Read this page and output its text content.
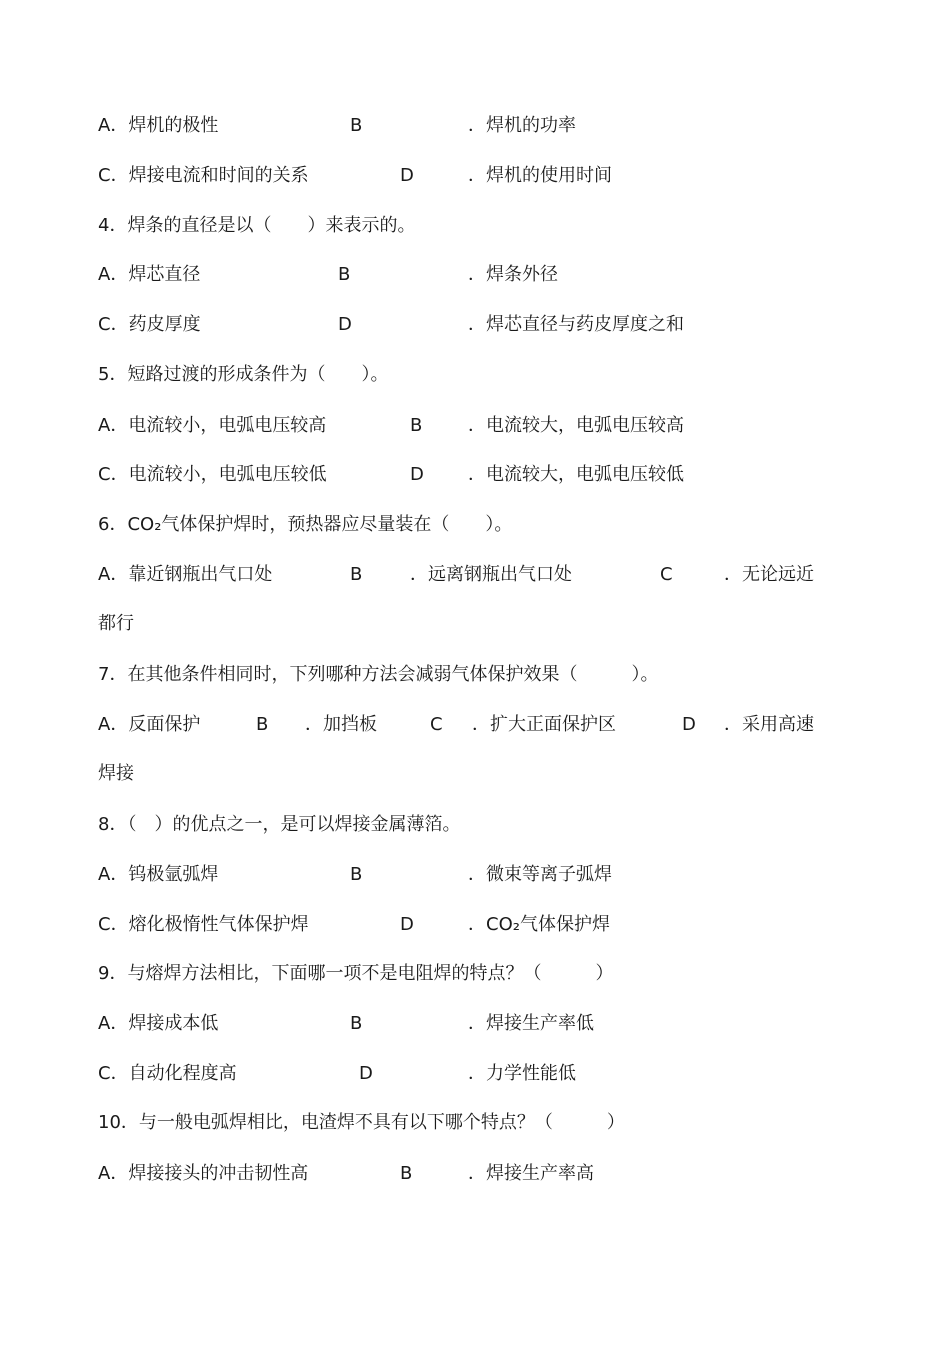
A．焊机的极性	B	．焊机的功率
C．焊接电流和时间的关系	D	．焊机的使用时间
4．焊条的直径是以（　　）来表示的。
A．焊芯直径	B	．焊条外径
C．药皮厚度	D	．焊芯直径与药皮厚度之和
5．短路过渡的形成条件为（　　）。
A．电流较小，电弧电压较高	B	．电流较大，电弧电压较高
C．电流较小，电弧电压较低	D ．电流较大，电弧电压较低
6．CO₂气体保护焊时，预热器应尽量装在（　　）。
A．靠近钢瓶出气口处	B	．远离钢瓶出气口处	C	．无论远近
都行
7．在其他条件相同时，下列哪种方法会减弱气体保护效果（　　　）。
A．反面保护	B ．加挡板	C ．扩大正面保护区	D ．采用高速
焊接
8．（　）的优点之一，是可以焊接金属薄箔。
A．钨极氩弧焊	B	．微束等离子弧焊
C．熔化极惰性气体保护焊	D	．CO₂气体保护焊
9．与熔焊方法相比，下面哪一项不是电阻焊的特点？（　　　）
A．焊接成本低	B	．焊接生产率低
C．自动化程度高	D	．力学性能低
10．与一般电弧焊相比，电渣焊不具有以下哪个特点？（　　　）
A．焊接接头的冲击韧性高	B	．焊接生产率高
